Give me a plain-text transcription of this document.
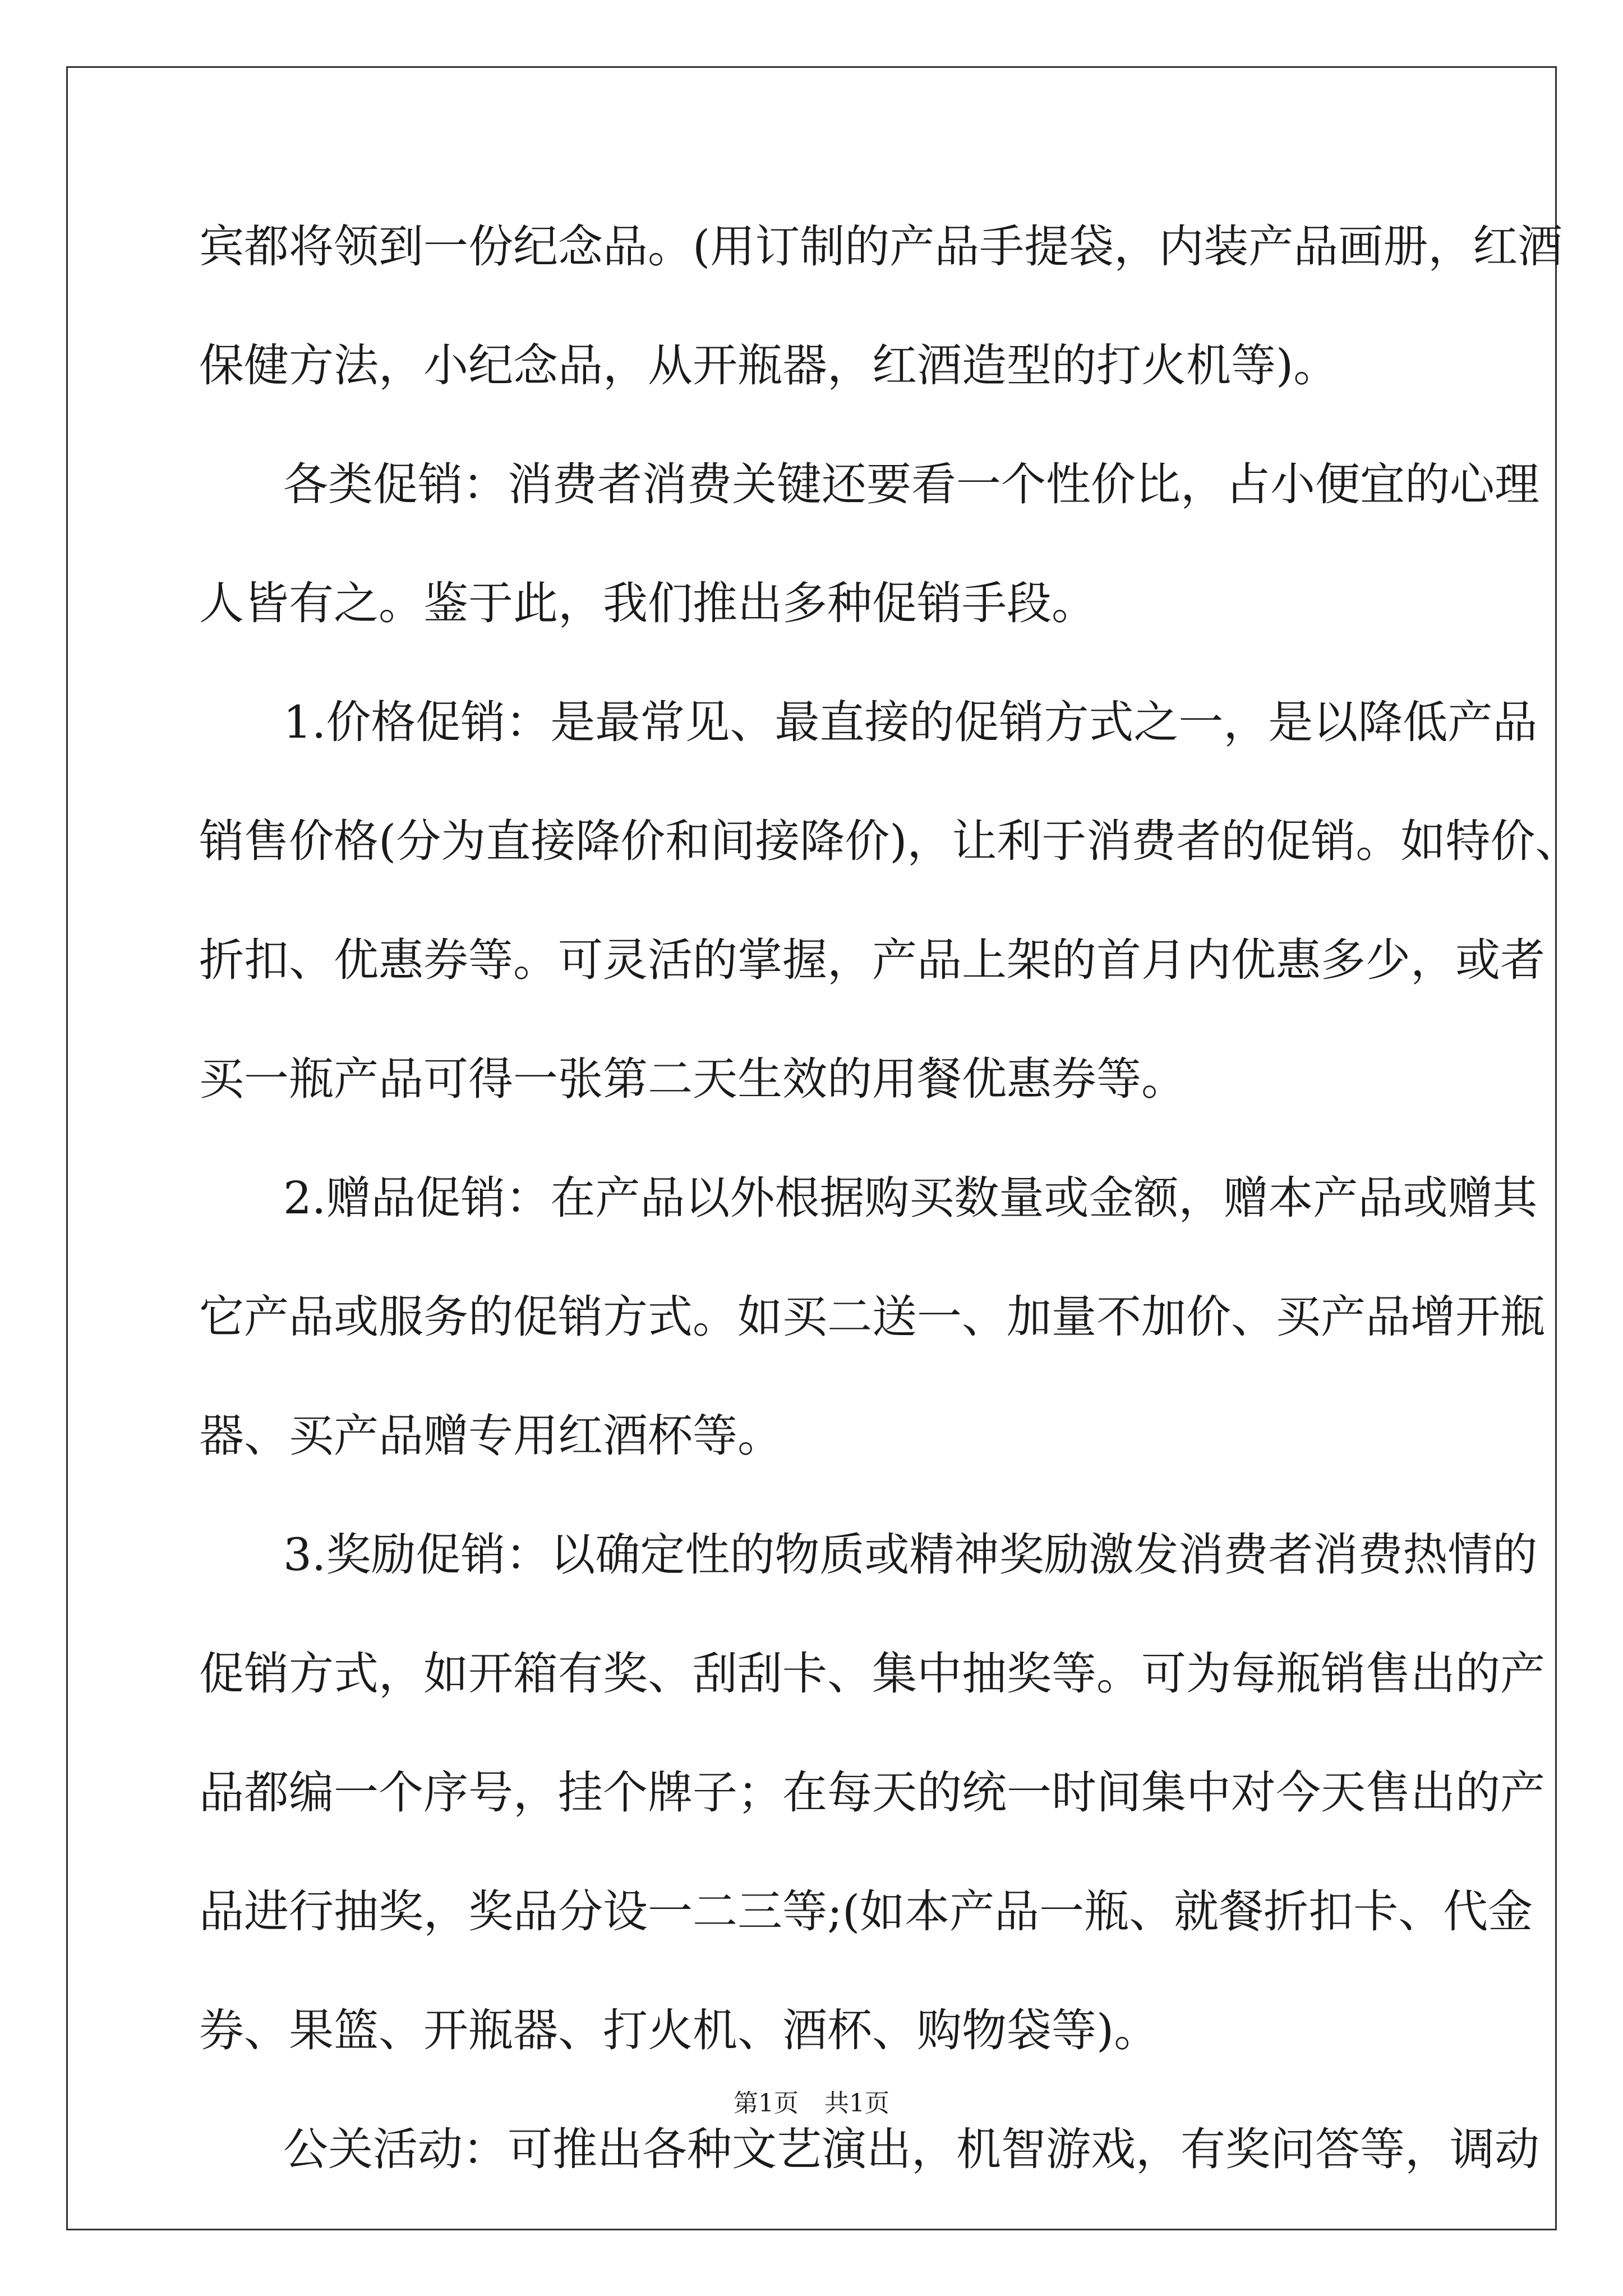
宾都将领到一份纪念品。(用订制的产品手提袋，内装产品画册，红酒
保健方法，小纪念品，从开瓶器，红酒造型的打火机等)。
各类促销：消费者消费关键还要看一个性价比，占小便宜的心理
人皆有之。鉴于此，我们推出多种促销手段。
1.价格促销：是最常见、最直接的促销方式之一，是以降低产品
销售价格(分为直接降价和间接降价)，让利于消费者的促销。如特价、
折扣、优惠券等。可灵活的掌握，产品上架的首月内优惠多少，或者
买一瓶产品可得一张第二天生效的用餐优惠券等。
2.赠品促销：在产品以外根据购买数量或金额，赠本产品或赠其
它产品或服务的促销方式。如买二送一、加量不加价、买产品增开瓶
器、买产品赠专用红酒杯等。
3.奖励促销：以确定性的物质或精神奖励激发消费者消费热情的
促销方式，如开箱有奖、刮刮卡、集中抽奖等。可为每瓶销售出的产
品都编一个序号，挂个牌子；在每天的统一时间集中对今天售出的产
品进行抽奖，奖品分设一二三等;(如本产品一瓶、就餐折扣卡、代金
券、果篮、开瓶器、打火机、酒杯、购物袋等)。
公关活动：可推出各种文艺演出，机智游戏，有奖问答等，调动
第1页 共1页
